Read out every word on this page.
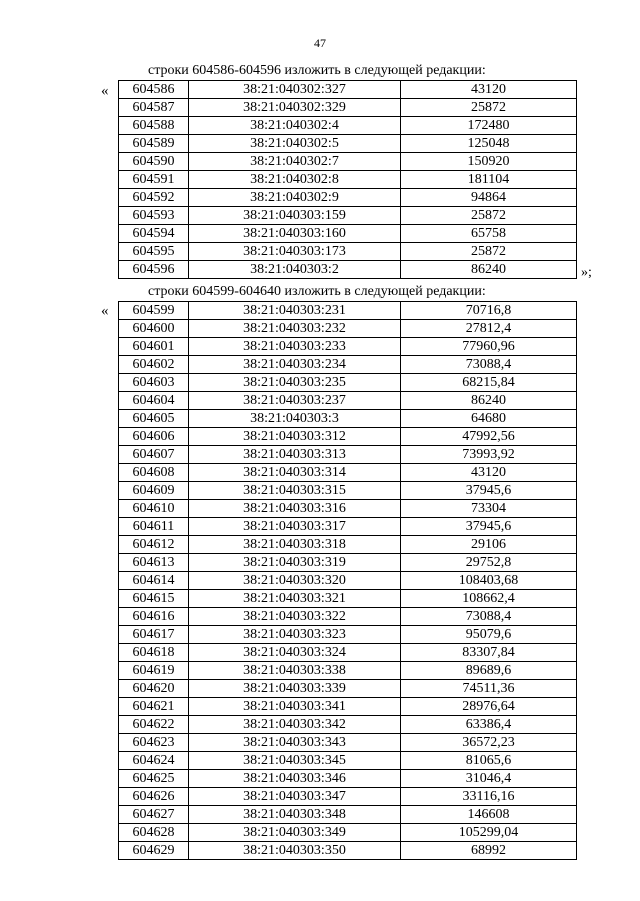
47
строки 604586-604596 изложить в следующей редакции:
« 604586	38:21:040302:327	43120
604587	38:21:040302:329	25872
604588	38:21:040302:4	172480
604589	38:21:040302:5	125048
604590	38:21:040302:7	150920
604591	38:21:040302:8	181104
604592	38:21:040302:9	94864
604593	38:21:040303:159	25872
604594	38:21:040303:160	65758
604595	38:21:040303:173	25872
604596	38:21:040303:2	86240	»;
строки 604599-604640 изложить в следующей редакции:
« 604599	38:21:040303:231	70716,8
604600	38:21:040303:232	27812,4
604601	38:21:040303:233	77960,96
604602	38:21:040303:234	73088,4
604603	38:21:040303:235	68215,84
604604	38:21:040303:237	86240
604605	38:21:040303:3	64680
604606	38:21:040303:312	47992,56
604607	38:21:040303:313	73993,92
604608	38:21:040303:314	43120
604609	38:21:040303:315	37945,6
604610	38:21:040303:316	73304
604611	38:21:040303:317	37945,6
604612	38:21:040303:318	29106
604613	38:21:040303:319	29752,8
604614	38:21:040303:320	108403,68
604615	38:21:040303:321	108662,4
604616	38:21:040303:322	73088,4
604617	38:21:040303:323	95079,6
604618	38:21:040303:324	83307,84
604619	38:21:040303:338	89689,6
604620	38:21:040303:339	74511,36
604621	38:21:040303:341	28976,64
604622	38:21:040303:342	63386,4
604623	38:21:040303:343	36572,23
604624	38:21:040303:345	81065,6
604625	38:21:040303:346	31046,4
604626	38:21:040303:347	33116,16
604627	38:21:040303:348	146608
604628	38:21:040303:349	105299,04
604629	38:21:040303:350	68992
